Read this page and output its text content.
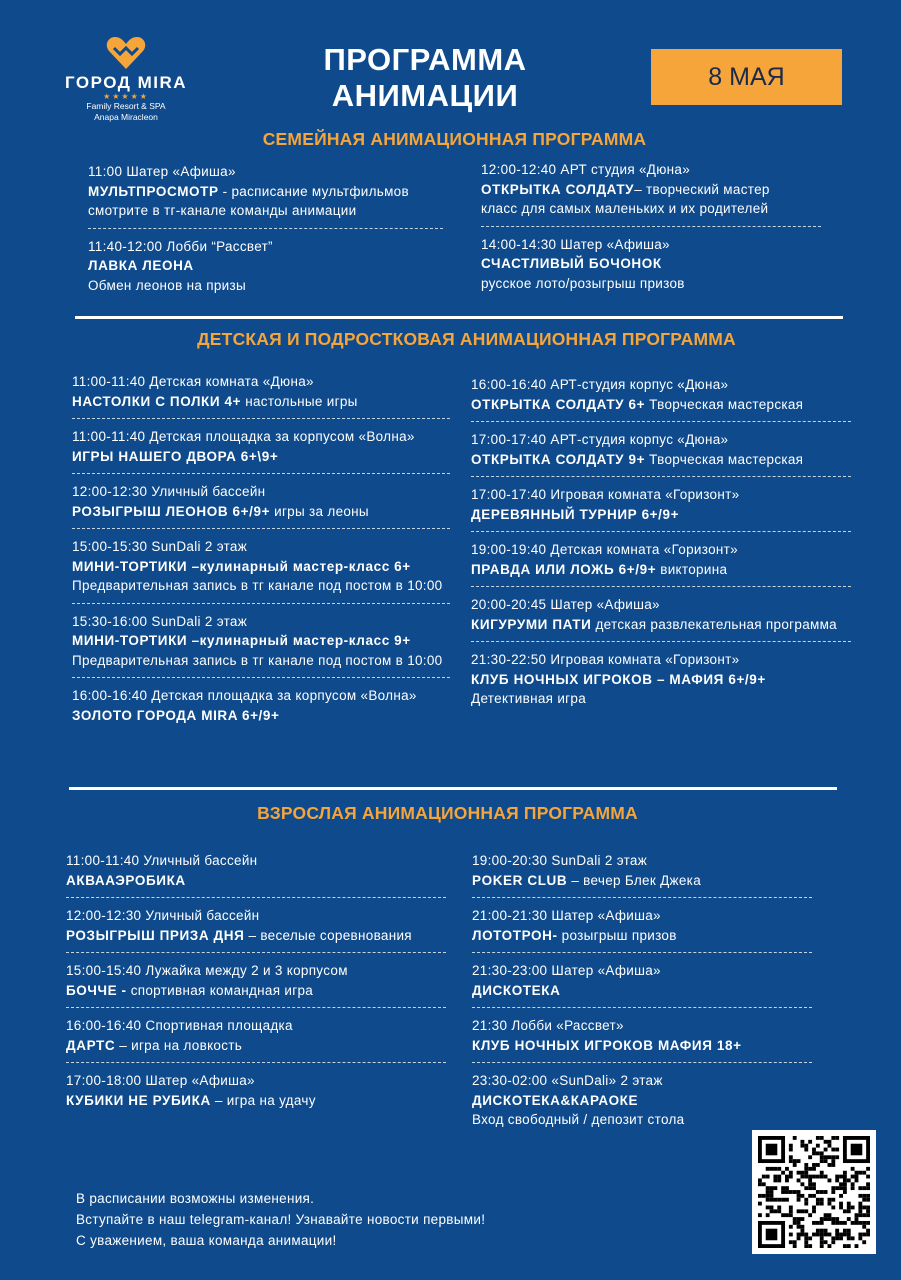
ГОРОД MIRA
★★★★★
Family Resort & SPA
Anapa Miracleon
ПРОГРАММА
АНИМАЦИИ
8 МАЯ
СЕМЕЙНАЯ АНИМАЦИОННАЯ ПРОГРАММА
11:00 Шатер «Афиша»
МУЛЬТПРОСМОТР - расписание мультфильмов
смотрите в тг-канале команды анимации
11:40-12:00 Лобби “Рассвет”
ЛАВКА ЛЕОНА
Обмен леонов на призы
12:00-12:40 АРТ студия «Дюна»
ОТКРЫТКА СОЛДАТУ– творческий мастер
класс для самых маленьких и их родителей
14:00-14:30 Шатер «Афиша»
СЧАСТЛИВЫЙ БОЧОНОК
русское лото/розыгрыш призов
ДЕТСКАЯ И ПОДРОСТКОВАЯ АНИМАЦИОННАЯ ПРОГРАММА
11:00-11:40 Детская комната «Дюна»
НАСТОЛКИ С ПОЛКИ 4+ настольные игры
11:00-11:40 Детская площадка за корпусом «Волна»
ИГРЫ НАШЕГО ДВОРА 6+\9+
12:00-12:30 Уличный бассейн
РОЗЫГРЫШ ЛЕОНОВ 6+/9+ игры за леоны
15:00-15:30 SunDali 2 этаж
МИНИ-ТОРТИКИ –кулинарный мастер-класс 6+
Предварительная запись в тг канале под постом в 10:00
15:30-16:00 SunDali 2 этаж
МИНИ-ТОРТИКИ –кулинарный мастер-класс 9+
Предварительная запись в тг канале под постом в 10:00
16:00-16:40 Детская площадка за корпусом «Волна»
ЗОЛОТО ГОРОДА MIRA 6+/9+
16:00-16:40 АРТ-студия корпус «Дюна»
ОТКРЫТКА СОЛДАТУ 6+ Творческая мастерская
17:00-17:40 АРТ-студия корпус «Дюна»
ОТКРЫТКА СОЛДАТУ 9+ Творческая мастерская
17:00-17:40 Игровая комната «Горизонт»
ДЕРЕВЯННЫЙ ТУРНИР 6+/9+
19:00-19:40 Детская комната «Горизонт»
ПРАВДА ИЛИ ЛОЖЬ 6+/9+ викторина
20:00-20:45 Шатер «Афиша»
КИГУРУМИ ПАТИ детская развлекательная программа
21:30-22:50 Игровая комната «Горизонт»
КЛУБ НОЧНЫХ ИГРОКОВ – МАФИЯ 6+/9+
Детективная игра
ВЗРОСЛАЯ АНИМАЦИОННАЯ ПРОГРАММА
11:00-11:40 Уличный бассейн
АКВААЭРОБИКА
12:00-12:30 Уличный бассейн
РОЗЫГРЫШ ПРИЗА ДНЯ – веселые соревнования
15:00-15:40 Лужайка между 2 и 3 корпусом
БОЧЧЕ - спортивная командная игра
16:00-16:40 Спортивная площадка
ДАРТС – игра на ловкость
17:00-18:00 Шатер «Афиша»
КУБИКИ НЕ РУБИКА – игра на удачу
19:00-20:30 SunDali 2 этаж
POKER CLUB – вечер Блек Джека
21:00-21:30 Шатер «Афиша»
ЛОТОТРОН- розыгрыш призов
21:30-23:00 Шатер «Афиша»
ДИСКОТЕКА
21:30 Лобби «Рассвет»
КЛУБ НОЧНЫХ ИГРОКОВ МАФИЯ 18+
23:30-02:00 «SunDali» 2 этаж
ДИСКОТЕКА&КАРАОКЕ
Вход свободный / депозит стола
В расписании возможны изменения.
Вступайте в наш telegram-канал! Узнавайте новости первыми!
С уважением, ваша команда анимации!
